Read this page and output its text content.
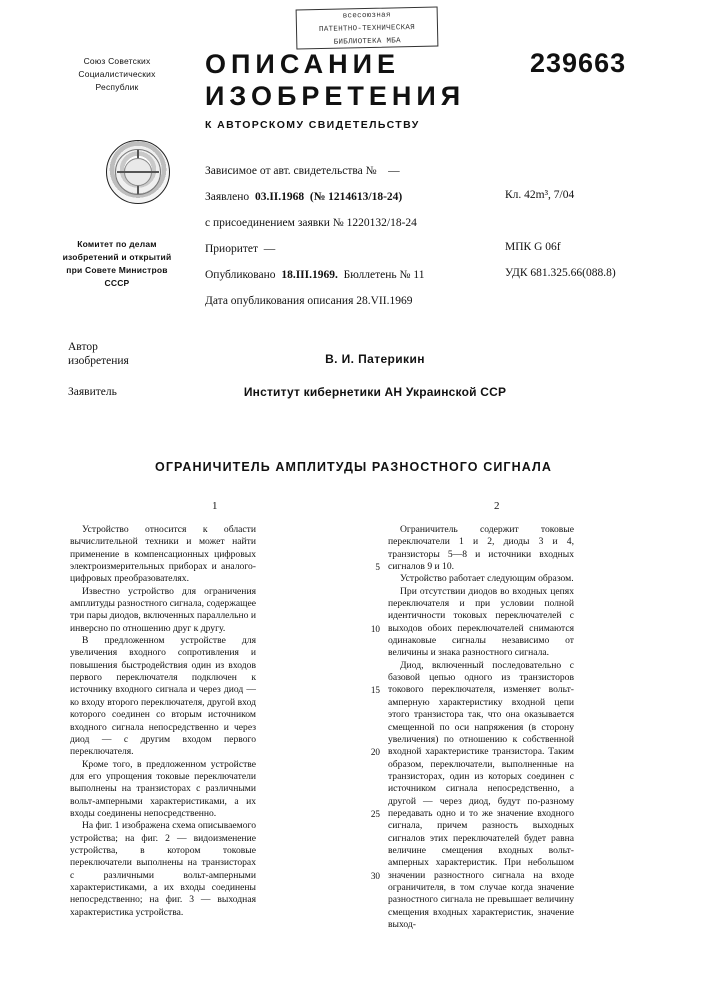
всесоюзная
ПАТЕНТНО-ТЕХНИЧЕСКАЯ
БИБЛИОТЕКА МБА
Союз Советских
Социалистических
Республик
Комитет по делам
изобретений и открытий
при Совете Министров
СССР
ОПИСАНИЕ
ИЗОБРЕТЕНИЯ
К АВТОРСКОМУ СВИДЕТЕЛЬСТВУ
239663
Зависимое от авт. свидетельства № —
Заявлено 03.II.1968 (№ 1214613/18-24)
с присоединением заявки № 1220132/18-24
Приоритет —
Опубликовано 18.III.1969. Бюллетень № 11
Дата опубликования описания 28.VII.1969
Кл. 42m³, 7/04
МПК G 06f
УДК 681.325.66(088.8)
Автор
изобретения	В. И. Патерикин
Заявитель	Институт кибернетики АН Украинской ССР
ОГРАНИЧИТЕЛЬ АМПЛИТУДЫ РАЗНОСТНОГО СИГНАЛА
1	2

Устройство относится к области вычислительной техники и может найти применение в компенсационных цифровых электроизмерительных приборах и аналого-цифровых преобразователях.

Известно устройство для ограничения амплитуды разностного сигнала, содержащее три пары диодов, включенных параллельно и инверсно по отношению друг к другу.

В предложенном устройстве для увеличения входного сопротивления и повышения быстродействия один из входов первого переключателя подключен к источнику входного сигнала и через диод — ко входу второго переключателя, другой вход которого соединен со вторым источником входного сигнала непосредственно и через диод — с другим входом первого переключателя.

Кроме того, в предложенном устройстве для его упрощения токовые переключатели выполнены на транзисторах с различными вольт-амперными характеристиками, а их входы соединены непосредственно.

На фиг. 1 изображена схема описываемого устройства; на фиг. 2 — видоизменение устройства, в котором токовые переключатели выполнены на транзисторах с различными вольт-амперными характеристиками, а их входы соединены непосредственно; на фиг. 3 — выходная характеристика устройства.

5
10
15
20
25
30

Ограничитель содержит токовые переключатели 1 и 2, диоды 3 и 4, транзисторы 5—8 и источники входных сигналов 9 и 10.

Устройство работает следующим образом.

При отсутствии диодов во входных цепях переключателя и при условии полной идентичности токовых переключателей с выходов обоих переключателей снимаются одинаковые сигналы независимо от величины и знака разностного сигнала.

Диод, включенный последовательно с базовой цепью одного из транзисторов токового переключателя, изменяет вольт-амперную характеристику входной цепи этого транзистора так, что она оказывается смещенной по оси напряжения (в сторону увеличения) по отношению к собственной входной характеристике транзистора. Таким образом, переключатели, выполненные на транзисторах, один из которых соединен с источником сигнала непосредственно, а другой — через диод, будут по-разному передавать одно и то же значение входного сигнала, причем разность выходных сигналов этих переключателей будет равна величине смещения входных вольт-амперных характеристик. При небольшом значении разностного сигнала на входе ограничителя, в том случае когда значение разностного сигнала не превышает величину смещения входных характеристик, значение выход-
